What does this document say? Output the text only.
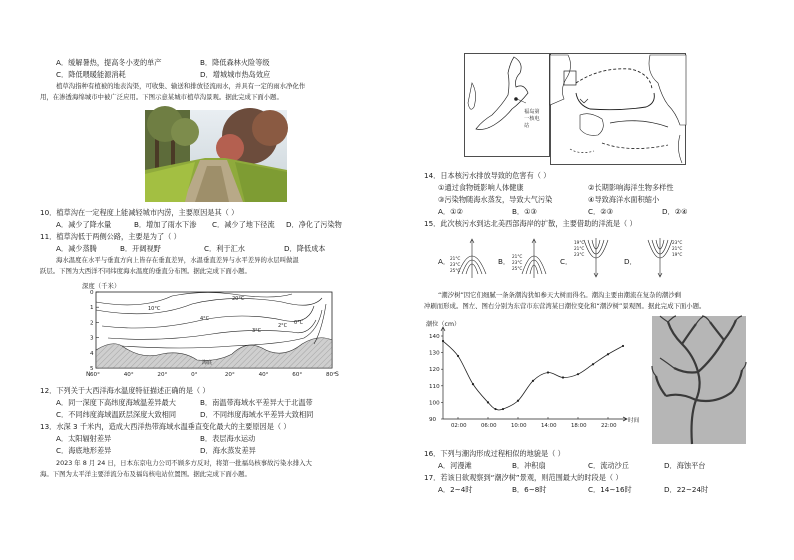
A．缓解暑热，提高冬小麦的单产	B．降低森林火险等级
C．降低喂暖能源消耗	D．增城城市热岛效应
植草沟指种有植被的地表沟渠，可收集、输送和排放径流雨水，并具有一定的雨水净化作
用，在渗透海绵城市中被广泛应用。下图示意某城市植草沟景观。据此完成下面小题。
10．植草沟在一定程度上能减轻城市内涝，主要原因是其（ ）
A．减少了降水量	B．增加了雨水下渗 C．减少了地下径流 D．净化了污染物
11．植草沟低于两侧公路，主要是为了（ ）
A．减少蒸腾	B．开阔视野	C．利于汇水	D．降低成本
海水温度在水平与垂直方向上皆存在垂直差异，水温垂直差异与水平差异的水层叫做温
跃层。下图为大西洋不同纬度海水温度的垂直分布图。据此完成下面小题。
深度（千米）
0
1
2
3
4
5
10°C
4°C
3°C
2°C 0°C
20°C
海底
60°	40°	20°	0°	20°	40°	60°	80°
N	S
12．下列关于大西洋海水温度特征描述正确的是（ ）
A．同一深度下高纬度海域温差异最大	B．南温带海域水平差异大于北温带
C．不同纬度海域温跃层深度大致相同	D．不同纬度海域水平差异大致相同
13．水深 3 千米内，造成大西洋热带海域水温垂直变化最大的主要原因是（ ）
A．太阳辐射差异	B．表层海水运动
C．海底地形差异	D．海水蒸发差异
2023 年 8 月 24 日，日本东京电力公司不顾多方反对，将第一批福岛核事故污染水排入大
海。下图为太平洋主要洋流分布及福岛核电站位置图。据此完成下面小题。
福岛第
一核电
站
14．日本核污水排放导致的危害有（ ）
①通过食物链影响人体健康	②长期影响海洋生物多样性
③污染物随海水蒸发，导致大气污染	④导致海洋水面积缩小
A．①②	B．①③	C．②③	D．②④
15．此次核污水到达北美西部海岸的扩散，主要借助的洋流是（ ）
A． 21°C
23°C
25°C
B．
21°C
23°C
25°C
C．
19°C
21°C
23°C
D．
23°C
21°C
19°C
“潮汐树”因它们细腻一条条潮沟犹如参天大树而得名。潮沟主要由潮流在复杂的潮沙剩
冲刷而形成。图左、图右分别为东营市东营湾某日潮位变化和“潮汐树”景观图。据此完成下面小题。
潮位（cm）
时间
90
100
110
120
130
140
02:00	06:00	10:00	14:00	18:00	22:00
16．下列与潮沟形成过程相似的地貌是（ ）
A．河漫滩	B．冲积扇	C．流动沙丘	D．海蚀平台
17．若该日欲观察到“潮汐树”景观，则范围最大的时段是（ ）
A．2~4时	B．6~8时	C．14~16时	D．22~24时
